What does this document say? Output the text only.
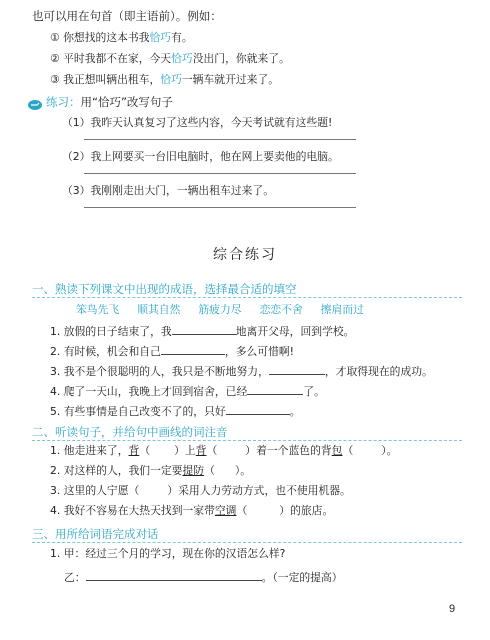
也可以用在句首（即主语前）。例如：
① 你想找的这本书我恰巧有。
② 平时我都不在家，今天恰巧没出门，你就来了。
③ 我正想叫辆出租车，恰巧一辆车就开过来了。
练习：用“恰巧”改写句子
（1）我昨天认真复习了这些内容，今天考试就有这些题!
（2）我上网要买一台旧电脑时，他在网上要卖他的电脑。
（3）我刚刚走出大门，一辆出租车过来了。
综合练习
一、熟读下列课文中出现的成语，选择最合适的填空
笨鸟先飞 顺其自然 筋疲力尽 恋恋不舍 擦肩而过
1. 放假的日子结束了，我	地离开父母，回到学校。
2. 有时候，机会和自己	，多么可惜啊!
3. 我不是个很聪明的人，我只是不断地努力，	，才取得现在的成功。
4. 爬了一天山，我晚上才回到宿舍，已经	了。
5. 有些事情是自己改变不了的，只好	。
二、听读句子，并给句中画线的词注音
1. 他走进来了，背（ ）上背（	）着一个蓝色的背包（	）。
2. 对这样的人，我们一定要提防（ ）。
3. 这里的人宁愿（	）采用人力劳动方式，也不使用机器。
4. 我好不容易在大热天找到一家带空调（	）的旅店。
三、用所给词语完成对话
1. 甲：经过三个月的学习，现在你的汉语怎么样?
乙：	。（一定的提高）
9
